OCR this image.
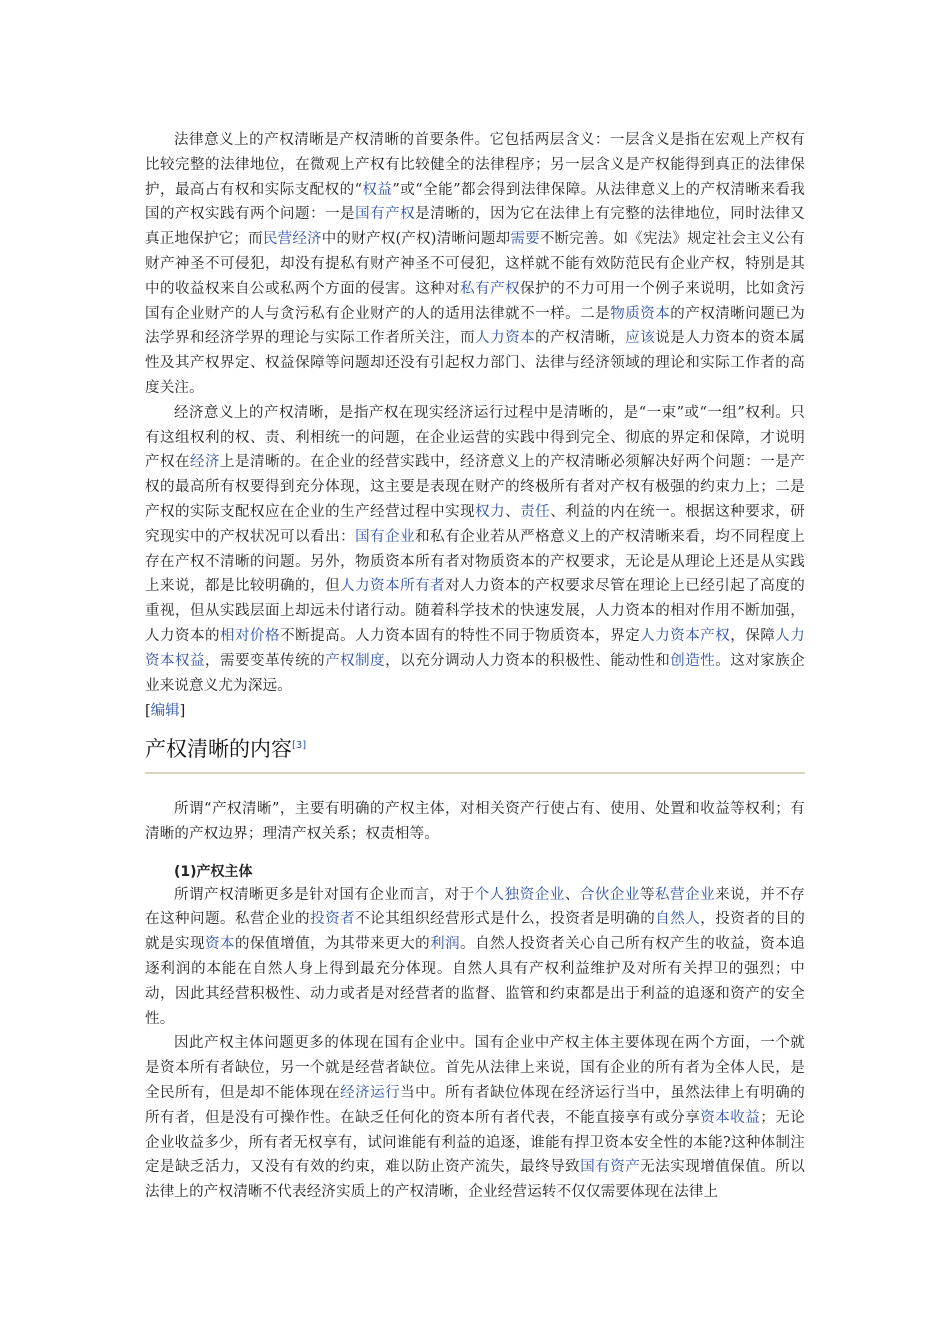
法律意义上的产权清晰是产权清晰的首要条件。它包括两层含义：一层含义是指在宏观上产权有比较完整的法律地位，在微观上产权有比较健全的法律程序；另一层含义是产权能得到真正的法律保护，最高占有权和实际支配权的“权益”或“全能”都会得到法律保障。从法律意义上的产权清晰来看我国的产权实践有两个问题：一是国有产权是清晰的，因为它在法律上有完整的法律地位，同时法律又真正地保护它；而民营经济中的财产权(产权)清晰问题却需要不断完善。如《宪法》规定社会主义公有财产神圣不可侵犯，却没有提私有财产神圣不可侵犯，这样就不能有效防范民有企业产权，特别是其中的收益权来自公或私两个方面的侵害。这种对私有产权保护的不力可用一个例子来说明，比如贪污国有企业财产的人与贪污私有企业财产的人的适用法律就不一样。二是物质资本的产权清晰问题已为法学界和经济学界的理论与实际工作者所关注，而人力资本的产权清晰，应该说是人力资本的资本属性及其产权界定、权益保障等问题却还没有引起权力部门、法律与经济领域的理论和实际工作者的高度关注。

经济意义上的产权清晰，是指产权在现实经济运行过程中是清晰的，是“一束”或“一组”权利。只有这组权利的权、责、利相统一的问题，在企业运营的实践中得到完全、彻底的界定和保障，才说明产权在经济上是清晰的。在企业的经营实践中，经济意义上的产权清晰必须解决好两个问题：一是产权的最高所有权要得到充分体现，这主要是表现在财产的终极所有者对产权有极强的约束力上；二是产权的实际支配权应在企业的生产经营过程中实现权力、责任、利益的内在统一。根据这种要求，研究现实中的产权状况可以看出：国有企业和私有企业若从严格意义上的产权清晰来看，均不同程度上存在产权不清晰的问题。另外，物质资本所有者对物质资本的产权要求，无论是从理论上还是从实践上来说，都是比较明确的，但人力资本所有者对人力资本的产权要求尽管在理论上已经引起了高度的重视，但从实践层面上却远未付诸行动。随着科学技术的快速发展，人力资本的相对作用不断加强，人力资本的相对价格不断提高。人力资本固有的特性不同于物质资本，界定人力资本产权，保障人力资本权益，需要变革传统的产权制度，以充分调动人力资本的积极性、能动性和创造性。这对家族企业来说意义尤为深远。

[编辑]
产权清晰的内容[3]

所谓“产权清晰”，主要有明确的产权主体，对相关资产行使占有、使用、处置和收益等权利；有清晰的产权边界；理清产权关系；权责相等。

(1)产权主体

所谓产权清晰更多是针对国有企业而言，对于个人独资企业、合伙企业等私营企业来说，并不存在这种问题。私营企业的投资者不论其组织经营形式是什么，投资者是明确的自然人，投资者的目的就是实现资本的保值增值，为其带来更大的利润。自然人投资者关心自己所有权产生的收益，资本追逐利润的本能在自然人身上得到最充分体现。自然人具有产权利益维护及对所有关捍卫的强烈；中动，因此其经营积极性、动力或者是对经营者的监督、监管和约束都是出于利益的追逐和资产的安全性。

因此产权主体问题更多的体现在国有企业中。国有企业中产权主体主要体现在两个方面，一个就是资本所有者缺位，另一个就是经营者缺位。首先从法律上来说，国有企业的所有者为全体人民，是全民所有，但是却不能体现在经济运行当中。所有者缺位体现在经济运行当中，虽然法律上有明确的所有者，但是没有可操作性。在缺乏任何化的资本所有者代表，不能直接享有或分享资本收益；无论企业收益多少，所有者无权享有，试问谁能有利益的追逐，谁能有捍卫资本安全性的本能?这种体制注定是缺乏活力，又没有有效的约束，难以防止资产流失，最终导致国有资产无法实现增值保值。所以法律上的产权清晰不代表经济实质上的产权清晰，企业经营运转不仅仅需要体现在法律上
